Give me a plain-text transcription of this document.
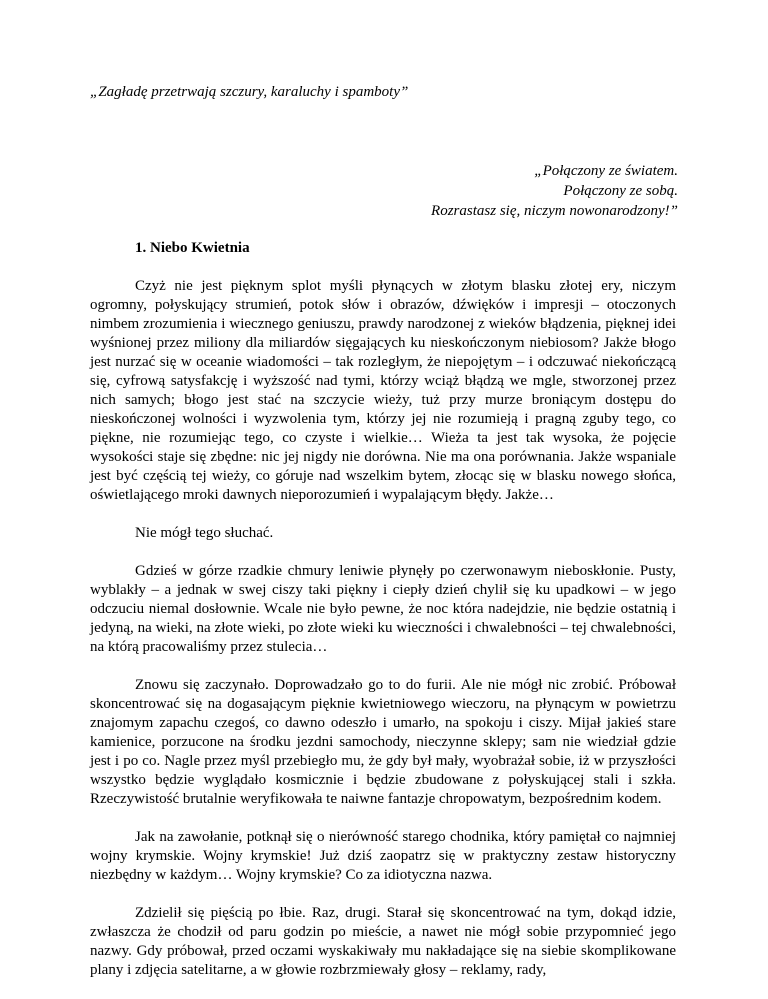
„Zagładę przetrwają szczury, karaluchy i spamboty”
„Połączony ze światem.
Połączony ze sobą.
Rozrastasz się, niczym nowonarodzony!”
1. Niebo Kwietnia

Czyż nie jest pięknym splot myśli płynących w złotym blasku złotej ery, niczym ogromny, połyskujący strumień, potok słów i obrazów, dźwięków i impresji – otoczonych nimbem zrozumienia i wiecznego geniuszu, prawdy narodzonej z wieków błądzenia, pięknej idei wyśnionej przez miliony dla miliardów sięgających ku nieskończonym niebiosom? Jakże błogo jest nurzać się w oceanie wiadomości – tak rozległym, że niepojętym – i odczuwać niekończącą się, cyfrową satysfakcję i wyższość nad tymi, którzy wciąż błądzą we mgle, stworzonej przez nich samych; błogo jest stać na szczycie wieży, tuż przy murze broniącym dostępu do nieskończonej wolności i wyzwolenia tym, którzy jej nie rozumieją i pragną zguby tego, co piękne, nie rozumiejąc tego, co czyste i wielkie… Wieża ta jest tak wysoka, że pojęcie wysokości staje się zbędne: nic jej nigdy nie dorówna. Nie ma ona porównania. Jakże wspaniale jest być częścią tej wieży, co góruje nad wszelkim bytem, złocąc się w blasku nowego słońca, oświetlającego mroki dawnych nieporozumień i wypalającym błędy. Jakże…

Nie mógł tego słuchać.

Gdzieś w górze rzadkie chmury leniwie płynęły po czerwonawym nieboskłonie. Pusty, wyblakły – a jednak w swej ciszy taki piękny i ciepły dzień chylił się ku upadkowi – w jego odczuciu niemal dosłownie. Wcale nie było pewne, że noc która nadejdzie, nie będzie ostatnią i jedyną, na wieki, na złote wieki, po złote wieki ku wieczności i chwalebności – tej chwalebności, na którą pracowaliśmy przez stulecia…

Znowu się zaczynało. Doprowadzało go to do furii. Ale nie mógł nic zrobić. Próbował skoncentrować się na dogasającym pięknie kwietniowego wieczoru, na płynącym w powietrzu znajomym zapachu czegoś, co dawno odeszło i umarło, na spokoju i ciszy. Mijał jakieś stare kamienice, porzucone na środku jezdni samochody, nieczynne sklepy; sam nie wiedział gdzie jest i po co. Nagle przez myśl przebiegło mu, że gdy był mały, wyobrażał sobie, iż w przyszłości wszystko będzie wyglądało kosmicznie i będzie zbudowane z połyskującej stali i szkła. Rzeczywistość brutalnie weryfikowała te naiwne fantazje chropowatym, bezpośrednim kodem.

Jak na zawołanie, potknął się o nierówność starego chodnika, który pamiętał co najmniej wojny krymskie. Wojny krymskie! Już dziś zaopatrz się w praktyczny zestaw historyczny niezbędny w każdym… Wojny krymskie? Co za idiotyczna nazwa.

Zdzielił się pięścią po łbie. Raz, drugi. Starał się skoncentrować na tym, dokąd idzie, zwłaszcza że chodził od paru godzin po mieście, a nawet nie mógł sobie przypomnieć jego nazwy. Gdy próbował, przed oczami wyskakiwały mu nakładające się na siebie skomplikowane plany i zdjęcia satelitarne, a w głowie rozbrzmiewały głosy – reklamy, rady,
